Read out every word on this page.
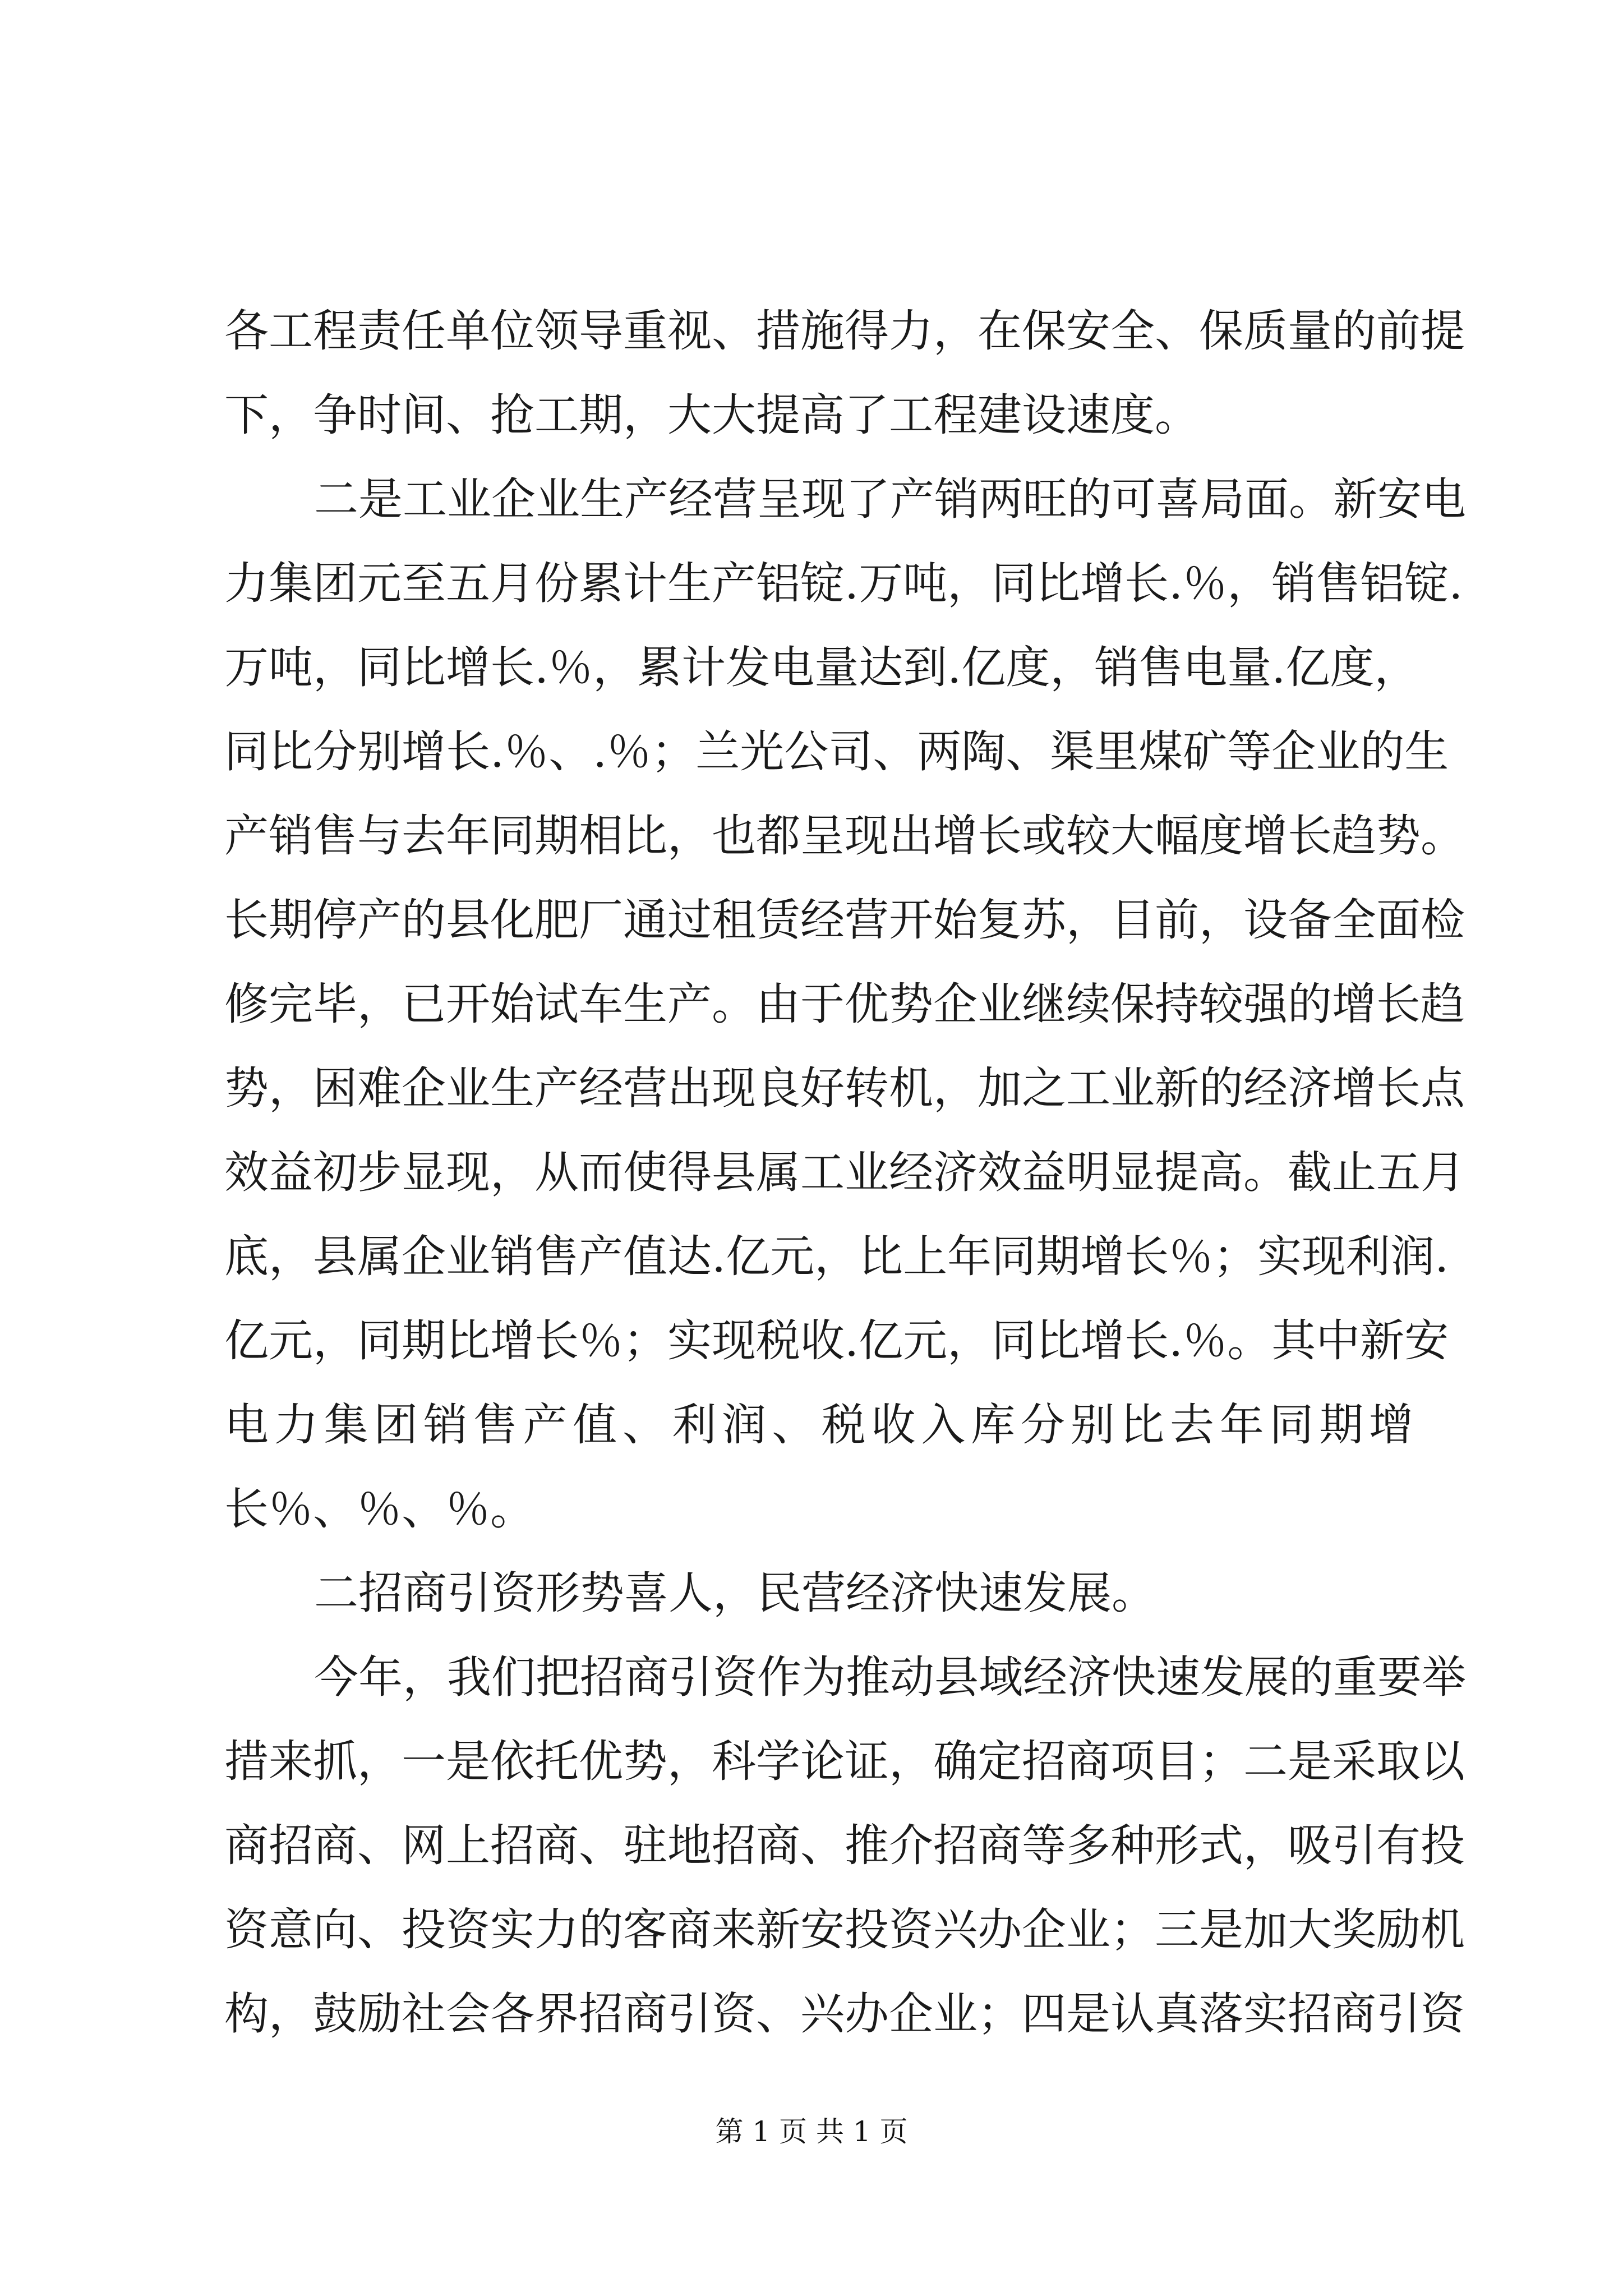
各工程责任单位领导重视、措施得力，在保安全、保质量的前提
下，争时间、抢工期，大大提高了工程建设速度。
二是工业企业生产经营呈现了产销两旺的可喜局面。新安电
力集团元至五月份累计生产铝锭.万吨，同比增长.％，销售铝锭.
万吨，同比增长.％，累计发电量达到.亿度，销售电量.亿度，
同比分别增长.％、.％；兰光公司、两陶、渠里煤矿等企业的生
产销售与去年同期相比，也都呈现出增长或较大幅度增长趋势。
长期停产的县化肥厂通过租赁经营开始复苏，目前，设备全面检
修完毕，已开始试车生产。由于优势企业继续保持较强的增长趋
势，困难企业生产经营出现良好转机，加之工业新的经济增长点
效益初步显现，从而使得县属工业经济效益明显提高。截止五月
底，县属企业销售产值达.亿元，比上年同期增长％；实现利润.
亿元，同期比增长％；实现税收.亿元，同比增长.％。其中新安
电力集团销售产值、利润、税收入库分别比去年同期增
长％、％、％。
二招商引资形势喜人，民营经济快速发展。
今年，我们把招商引资作为推动县域经济快速发展的重要举
措来抓，一是依托优势，科学论证，确定招商项目；二是采取以
商招商、网上招商、驻地招商、推介招商等多种形式，吸引有投
资意向、投资实力的客商来新安投资兴办企业；三是加大奖励机
构，鼓励社会各界招商引资、兴办企业；四是认真落实招商引资
第 1 页 共 1 页
